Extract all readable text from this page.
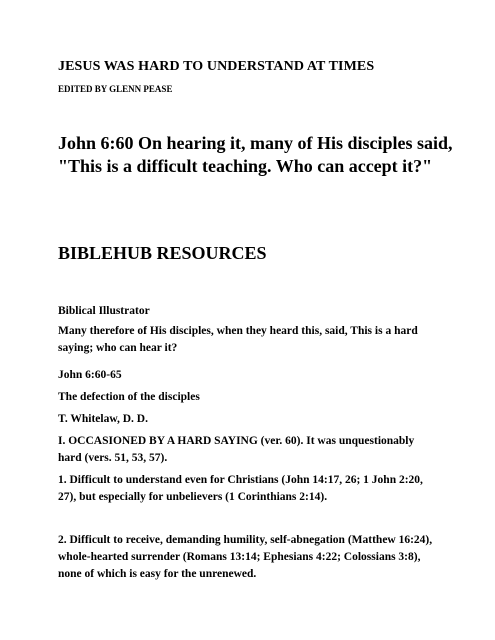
JESUS WAS HARD TO UNDERSTAND AT TIMES

EDITED BY GLENN PEASE

John 6:60 On hearing it, many of His disciples said,
"This is a difficult teaching. Who can accept it?"

BIBLEHUB RESOURCES

Biblical Illustrator

Many therefore of His disciples, when they heard this, said, This is a hard
saying; who can hear it?

John 6:60-65

The defection of the disciples

T. Whitelaw, D. D.

I. OCCASIONED BY A HARD SAYING (ver. 60). It was unquestionably
hard (vers. 51, 53, 57).

1. Difficult to understand even for Christians (John 14:17, 26; 1 John 2:20,
27), but especially for unbelievers (1 Corinthians 2:14).

2. Difficult to receive, demanding humility, self-abnegation (Matthew 16:24),
whole-hearted surrender (Romans 13:14; Ephesians 4:22; Colossians 3:8),
none of which is easy for the unrenewed.
